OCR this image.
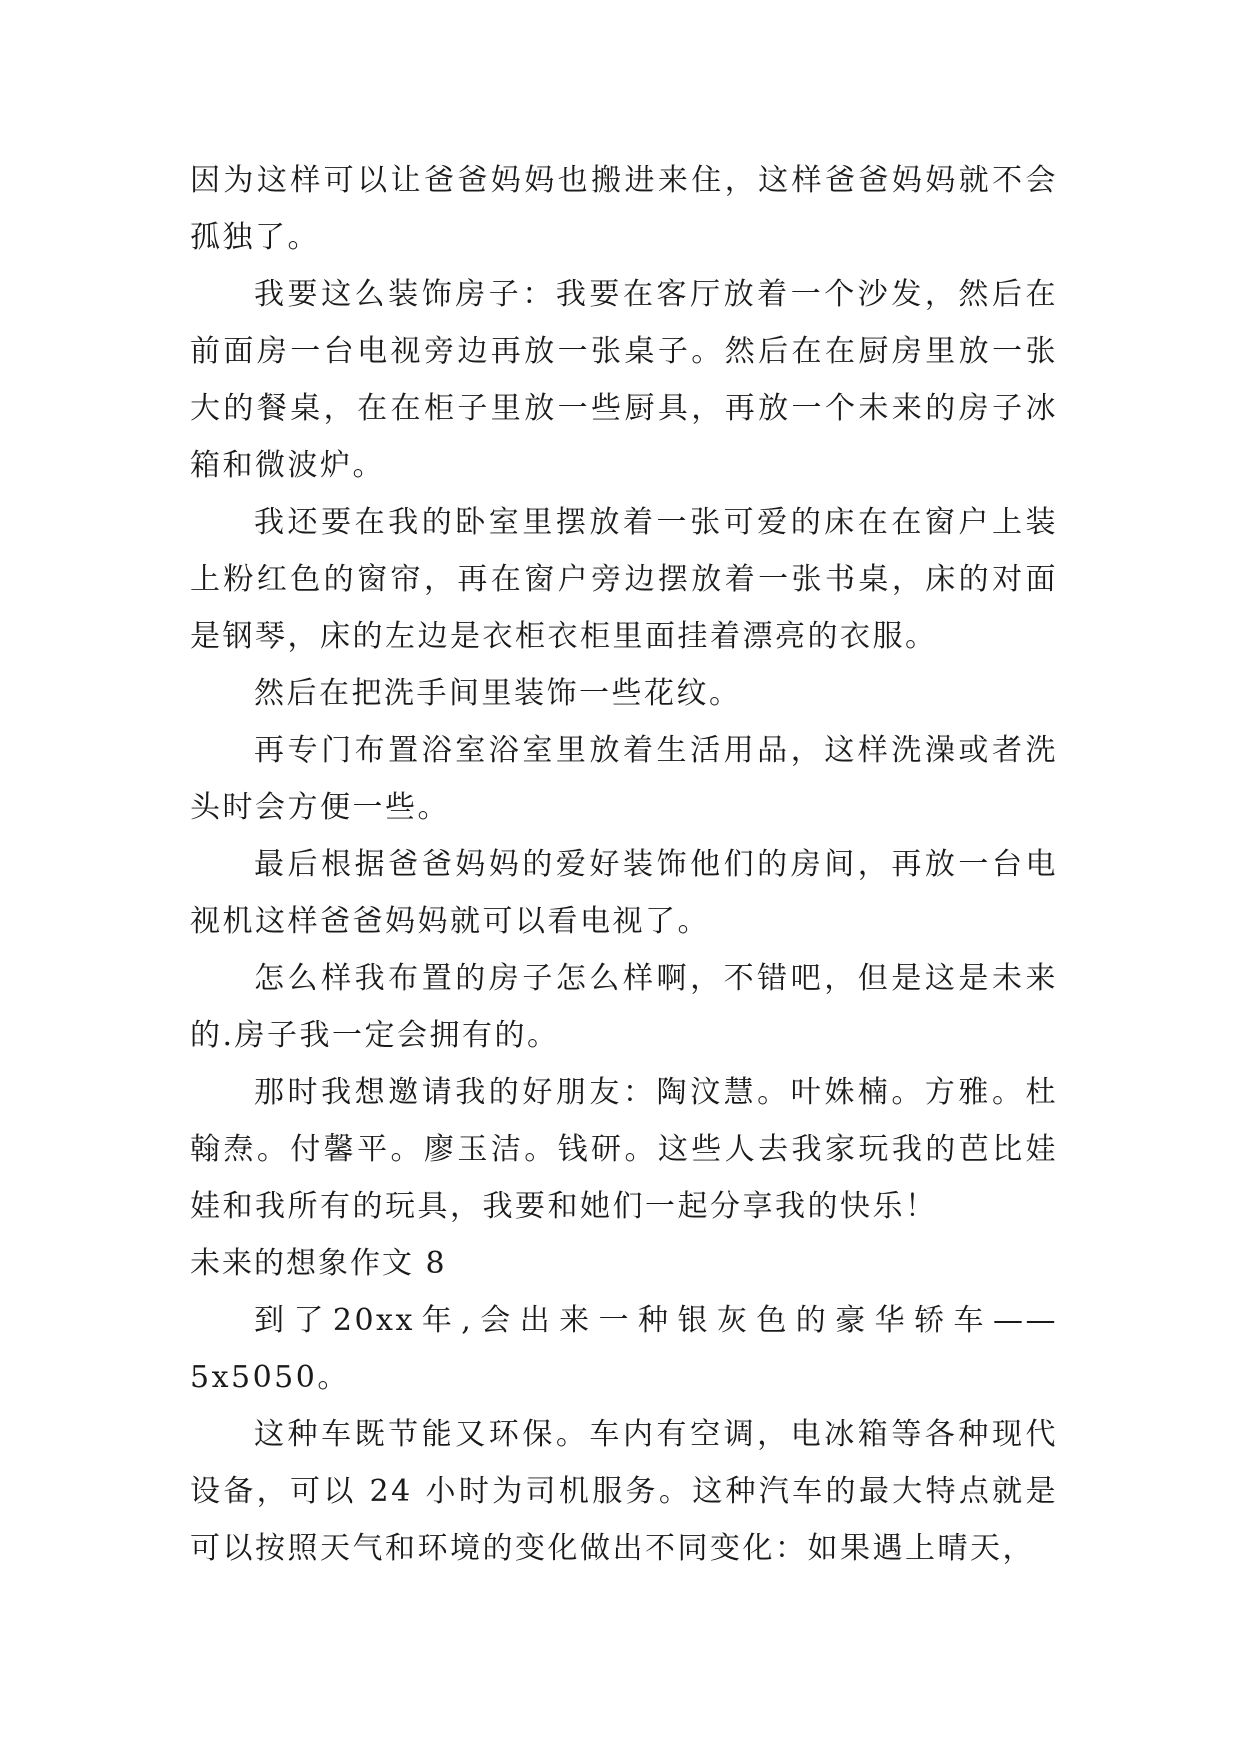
因为这样可以让爸爸妈妈也搬进来住，这样爸爸妈妈就不会孤独了。

我要这么装饰房子：我要在客厅放着一个沙发，然后在前面房一台电视旁边再放一张桌子。然后在在厨房里放一张大的餐桌，在在柜子里放一些厨具，再放一个未来的房子冰箱和微波炉。

我还要在我的卧室里摆放着一张可爱的床在在窗户上装上粉红色的窗帘，再在窗户旁边摆放着一张书桌，床的对面是钢琴，床的左边是衣柜衣柜里面挂着漂亮的衣服。

然后在把洗手间里装饰一些花纹。

再专门布置浴室浴室里放着生活用品，这样洗澡或者洗头时会方便一些。

最后根据爸爸妈妈的爱好装饰他们的房间，再放一台电视机这样爸爸妈妈就可以看电视了。

怎么样我布置的房子怎么样啊，不错吧，但是这是未来的.房子我一定会拥有的。

那时我想邀请我的好朋友：陶汶慧。叶姝楠。方雅。杜翰焘。付馨平。廖玉洁。钱研。这些人去我家玩我的芭比娃娃和我所有的玩具，我要和她们一起分享我的快乐！

未来的想象作文 8

到了20xx年,会出来一种银灰色的豪华轿车——5x5050。

这种车既节能又环保。车内有空调，电冰箱等各种现代设备，可以 24 小时为司机服务。这种汽车的最大特点就是可以按照天气和环境的变化做出不同变化：如果遇上晴天，
